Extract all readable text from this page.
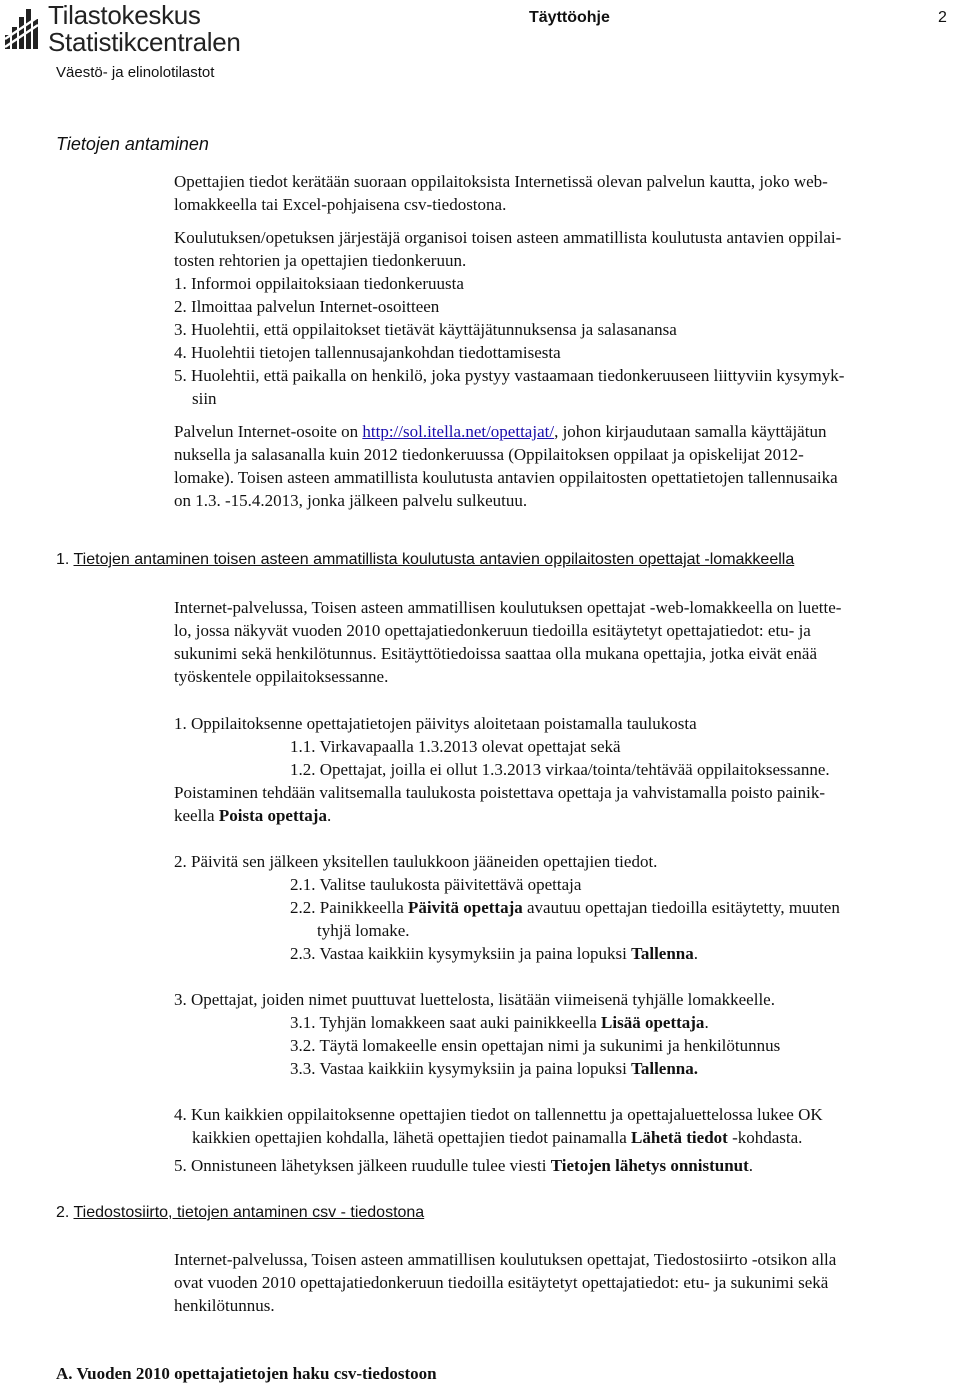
Tilastokeskus
Statistikcentralen
Väestö- ja elinolotilastot
Täyttöohje	2
Tietojen antaminen
Opettajien tiedot kerätään suoraan oppilaitoksista Internetissä olevan palvelun kautta, joko web-
lomakkeella tai Excel-pohjaisena csv-tiedostona.
Koulutuksen/opetuksen järjestäjä organisoi toisen asteen ammatillista koulutusta antavien oppilai-
tosten rehtorien ja opettajien tiedonkeruun.
1. Informoi oppilaitoksiaan tiedonkeruusta
2. Ilmoittaa palvelun Internet-osoitteen
3. Huolehtii, että oppilaitokset tietävät käyttäjätunnuksensa ja salasanansa
4. Huolehtii tietojen tallennusajankohdan tiedottamisesta
5. Huolehtii, että paikalla on henkilö, joka pystyy vastaamaan tiedonkeruuseen liittyviin kysymyk-
siin
Palvelun Internet-osoite on http://sol.itella.net/opettajat/, johon kirjaudutaan samalla käyttäjätun
nuksella ja salasanalla kuin 2012 tiedonkeruussa (Oppilaitoksen oppilaat ja opiskelijat 2012-
lomake). Toisen asteen ammatillista koulutusta antavien oppilaitosten opettatietojen tallennusaika
on 1.3. -15.4.2013, jonka jälkeen palvelu sulkeutuu.
1. Tietojen antaminen toisen asteen ammatillista koulutusta antavien oppilaitosten opettajat -lomakkeella
Internet-palvelussa, Toisen asteen ammatillisen koulutuksen opettajat -web-lomakkeella on luette-
lo, jossa näkyvät vuoden 2010 opettajatiedonkeruun tiedoilla esitäytetyt opettajatiedot: etu- ja
sukunimi sekä henkilötunnus. Esitäyttötiedoissa saattaa olla mukana opettajia, jotka eivät enää
työskentele oppilaitoksessanne.
1. Oppilaitoksenne opettajatietojen päivitys aloitetaan poistamalla taulukosta
1.1. Virkavapaalla 1.3.2013 olevat opettajat sekä
1.2. Opettajat, joilla ei ollut 1.3.2013 virkaa/tointa/tehtävää oppilaitoksessanne.
Poistaminen tehdään valitsemalla taulukosta poistettava opettaja ja vahvistamalla poisto painik-
keella Poista opettaja.
2. Päivitä sen jälkeen yksitellen taulukkoon jääneiden opettajien tiedot.
2.1. Valitse taulukosta päivitettävä opettaja
2.2. Painikkeella Päivitä opettaja avautuu opettajan tiedoilla esitäytetty, muuten
tyhjä lomake.
2.3. Vastaa kaikkiin kysymyksiin ja paina lopuksi Tallenna.
3. Opettajat, joiden nimet puuttuvat luettelosta, lisätään viimeisenä tyhjälle lomakkeelle.
3.1. Tyhjän lomakkeen saat auki painikkeella Lisää opettaja.
3.2. Täytä lomakeelle ensin opettajan nimi ja sukunimi ja henkilötunnus
3.3. Vastaa kaikkiin kysymyksiin ja paina lopuksi Tallenna.
4. Kun kaikkien oppilaitoksenne opettajien tiedot on tallennettu ja opettajaluettelossa lukee OK
kaikkien opettajien kohdalla, lähetä opettajien tiedot painamalla Lähetä tiedot -kohdasta.
5. Onnistuneen lähetyksen jälkeen ruudulle tulee viesti Tietojen lähetys onnistunut.
2. Tiedostosiirto, tietojen antaminen csv - tiedostona
Internet-palvelussa, Toisen asteen ammatillisen koulutuksen opettajat, Tiedostosiirto -otsikon alla
ovat vuoden 2010 opettajatiedonkeruun tiedoilla esitäytetyt opettajatiedot: etu- ja sukunimi sekä
henkilötunnus.
A. Vuoden 2010 opettajatietojen haku csv-tiedostoon
